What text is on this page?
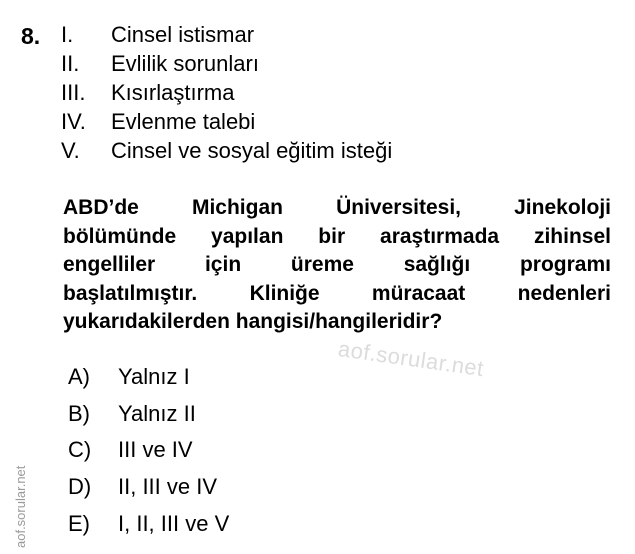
8. I.	Cinsel istismar
II.	Evlilik sorunları
III.	Kısırlaştırma
IV.	Evlenme talebi
V.	Cinsel ve sosyal eğitim isteği
ABD’de Michigan Üniversitesi, Jinekoloji
bölümünde yapılan bir araştırmada zihinsel
engelliler için üreme sağlığı programı
başlatılmıştır. Kliniğe müracaat nedenleri
yukarıdakilerden hangisi/hangileridir?
aof.sorular.net
A)	Yalnız I
B)	Yalnız II
C)	III ve IV
D)	II, III ve IV
E)	I, II, III ve V
aof.sorular.net
